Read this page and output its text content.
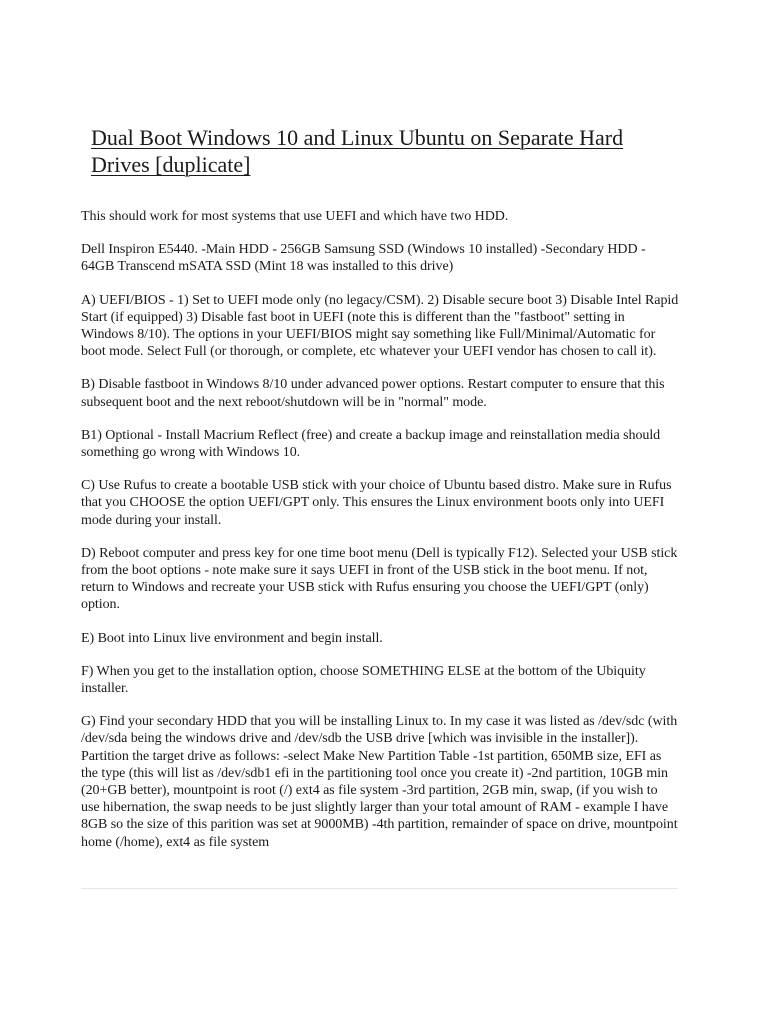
Dual Boot Windows 10 and Linux Ubuntu on Separate Hard Drives [duplicate]

This should work for most systems that use UEFI and which have two HDD.

Dell Inspiron E5440. -Main HDD - 256GB Samsung SSD (Windows 10 installed) -Secondary HDD - 64GB Transcend mSATA SSD (Mint 18 was installed to this drive)

A) UEFI/BIOS - 1) Set to UEFI mode only (no legacy/CSM). 2) Disable secure boot 3) Disable Intel Rapid Start (if equipped) 3) Disable fast boot in UEFI (note this is different than the "fastboot" setting in Windows 8/10). The options in your UEFI/BIOS might say something like Full/Minimal/Automatic for boot mode. Select Full (or thorough, or complete, etc whatever your UEFI vendor has chosen to call it).

B) Disable fastboot in Windows 8/10 under advanced power options. Restart computer to ensure that this subsequent boot and the next reboot/shutdown will be in "normal" mode.

B1) Optional - Install Macrium Reflect (free) and create a backup image and reinstallation media should something go wrong with Windows 10.

C) Use Rufus to create a bootable USB stick with your choice of Ubuntu based distro. Make sure in Rufus that you CHOOSE the option UEFI/GPT only. This ensures the Linux environment boots only into UEFI mode during your install.

D) Reboot computer and press key for one time boot menu (Dell is typically F12). Selected your USB stick from the boot options - note make sure it says UEFI in front of the USB stick in the boot menu. If not, return to Windows and recreate your USB stick with Rufus ensuring you choose the UEFI/GPT (only) option.

E) Boot into Linux live environment and begin install.

F) When you get to the installation option, choose SOMETHING ELSE at the bottom of the Ubiquity installer.

G) Find your secondary HDD that you will be installing Linux to. In my case it was listed as /dev/sdc (with /dev/sda being the windows drive and /dev/sdb the USB drive [which was invisible in the installer]). Partition the target drive as follows: -select Make New Partition Table -1st partition, 650MB size, EFI as the type (this will list as /dev/sdb1 efi in the partitioning tool once you create it) -2nd partition, 10GB min (20+GB better), mountpoint is root (/) ext4 as file system -3rd partition, 2GB min, swap, (if you wish to use hibernation, the swap needs to be just slightly larger than your total amount of RAM - example I have 8GB so the size of this parition was set at 9000MB) -4th partition, remainder of space on drive, mountpoint home (/home), ext4 as file system
